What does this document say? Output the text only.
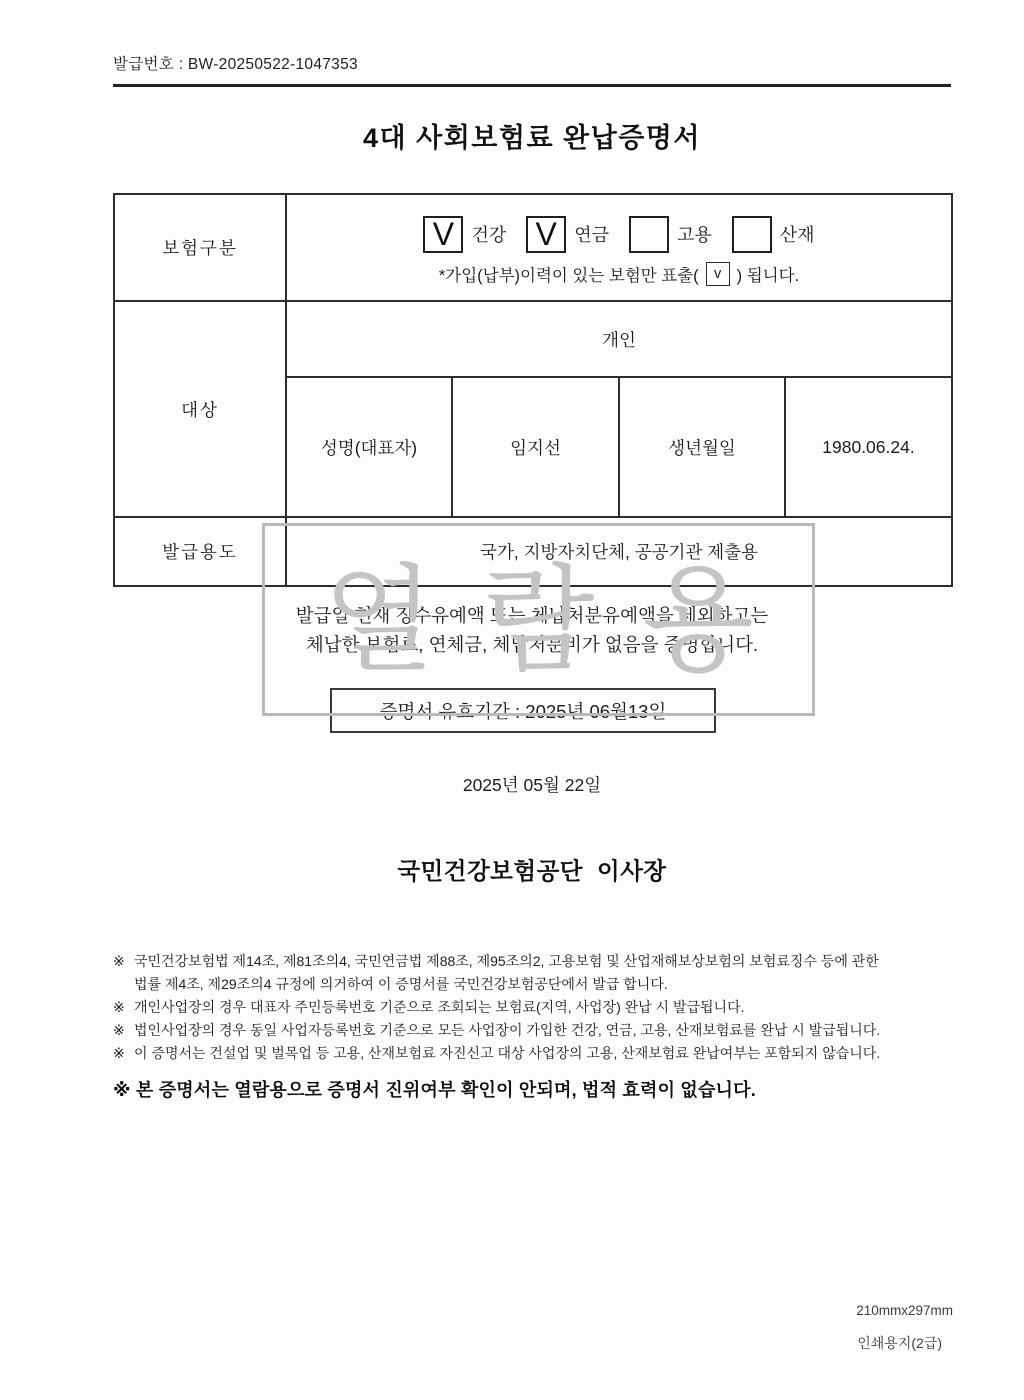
발급번호 : BW-20250522-1047353
4대 사회보험료 완납증명서
보험구분	V 건강 V 연금	고용	산재
*가입(납부)이력이 있는 보험만 표출( v ) 됩니다.

대상	개인			
	성명(대표자)	임지선	생년월일	1980.06.24.
발급용도	국가, 지방자치단체, 공공기관 제출용			
발급일 현재 징수유예액 또는 체납처분유예액을 제외하고는
체납한 보험료, 연체금, 체납처분비가 없음을 증명합니다.
증명서 유효기간 : 2025년 06월13일
2025년 05월 22일
국민건강보험공단  이사장
※ 국민건강보험법 제14조, 제81조의4, 국민연금법 제88조, 제95조의2, 고용보험 및 산업재해보상보험의 보험료징수 등에 관한
법률 제4조, 제29조의4 규정에 의거하여 이 증명서를 국민건강보험공단에서 발급 합니다.
※ 개인사업장의 경우 대표자 주민등록번호 기준으로 조회되는 보험료(지역, 사업장) 완납 시 발급됩니다.
※ 법인사업장의 경우 동일 사업자등록번호 기준으로 모든 사업장이 가입한 건강, 연금, 고용, 산재보험료를 완납 시 발급됩니다.
※ 이 증명서는 건설업 및 벌목업 등 고용, 산재보험료 자진신고 대상 사업장의 고용, 산재보험료 완납여부는 포함되지 않습니다.
※ 본 증명서는 열람용으로 증명서 진위여부 확인이 안되며, 법적 효력이 없습니다.
210mmx297mm
인쇄용지(2급)
열 람 용
